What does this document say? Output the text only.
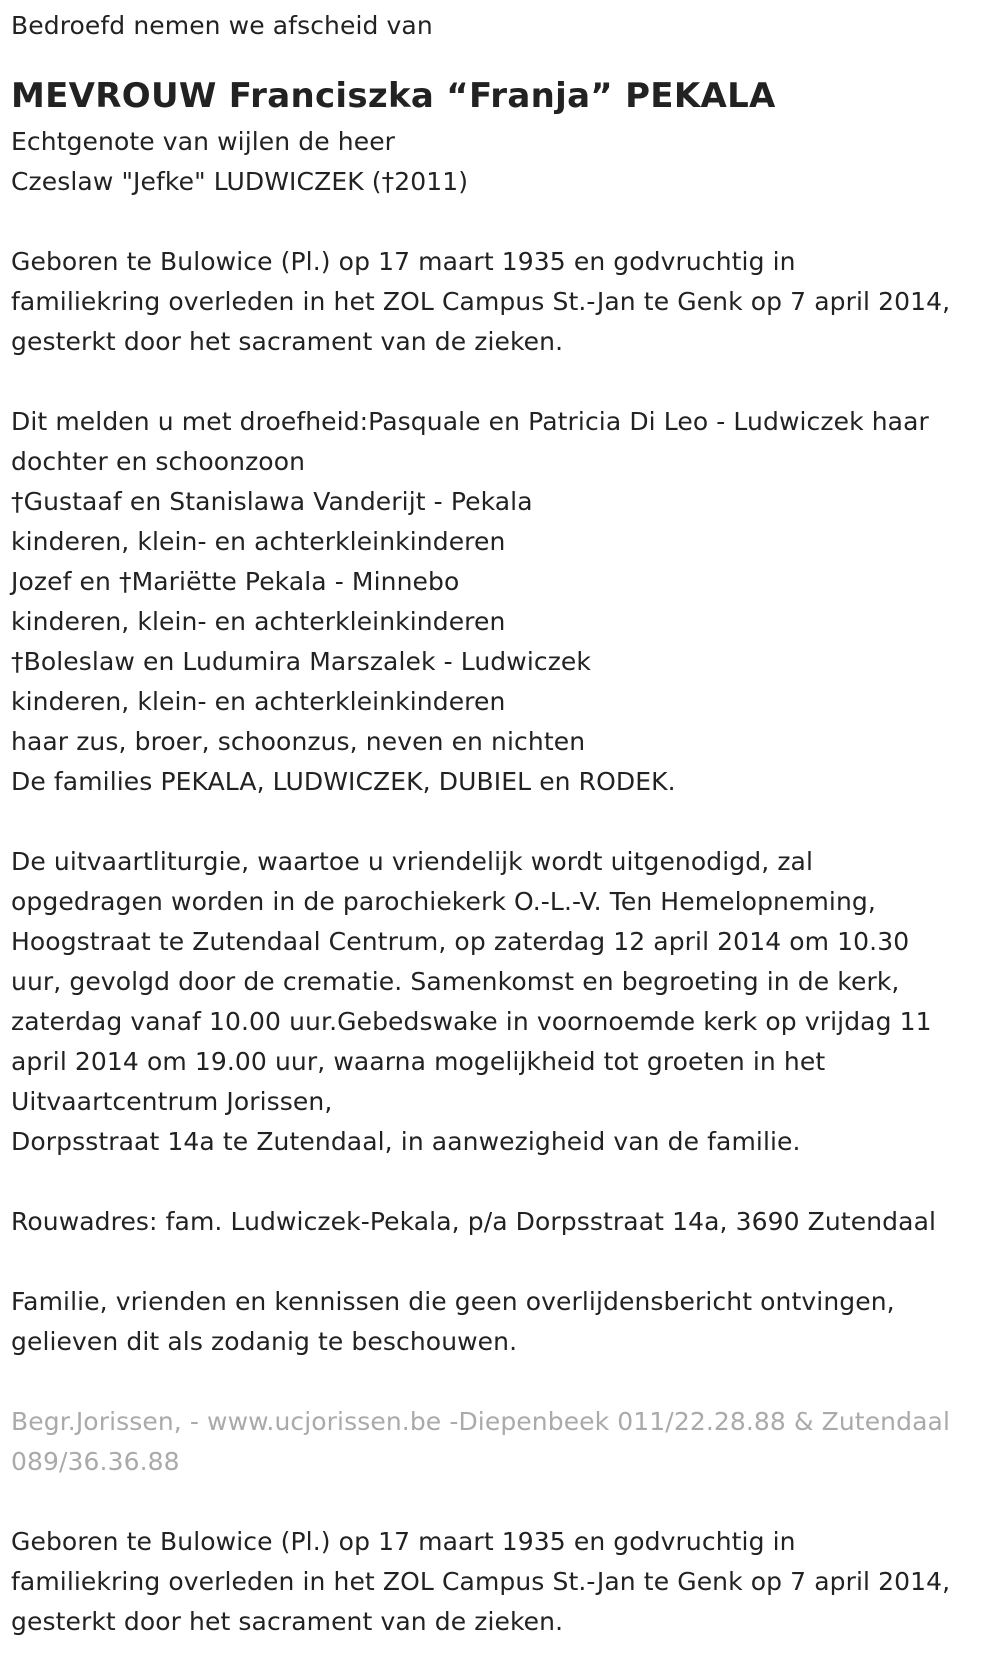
Bedroefd nemen we afscheid van
MEVROUW Franciszka “Franja” PEKALA
Echtgenote van wijlen de heer
Czeslaw "Jefke" LUDWICZEK (†2011)
Geboren te Bulowice (Pl.) op 17 maart 1935 en godvruchtig in
familiekring overleden in het ZOL Campus St.-Jan te Genk op 7 april 2014,
gesterkt door het sacrament van de zieken.
Dit melden u met droefheid:Pasquale en Patricia Di Leo - Ludwiczek haar
dochter en schoonzoon
†Gustaaf en Stanislawa Vanderijt - Pekala
kinderen, klein- en achterkleinkinderen
Jozef en †Mariëtte Pekala - Minnebo
kinderen, klein- en achterkleinkinderen
†Boleslaw en Ludumira Marszalek - Ludwiczek
kinderen, klein- en achterkleinkinderen
haar zus, broer, schoonzus, neven en nichten
De families PEKALA, LUDWICZEK, DUBIEL en RODEK.
De uitvaartliturgie, waartoe u vriendelijk wordt uitgenodigd, zal
opgedragen worden in de parochiekerk O.-L.-V. Ten Hemelopneming,
Hoogstraat te Zutendaal Centrum, op zaterdag 12 april 2014 om 10.30
uur, gevolgd door de crematie. Samenkomst en begroeting in de kerk,
zaterdag vanaf 10.00 uur.Gebedswake in voornoemde kerk op vrijdag 11
april 2014 om 19.00 uur, waarna mogelijkheid tot groeten in het
Uitvaartcentrum Jorissen,
Dorpsstraat 14a te Zutendaal, in aanwezigheid van de familie.
Rouwadres: fam. Ludwiczek-Pekala, p/a Dorpsstraat 14a, 3690 Zutendaal
Familie, vrienden en kennissen die geen overlijdensbericht ontvingen,
gelieven dit als zodanig te beschouwen.
Begr.Jorissen, - www.ucjorissen.be -Diepenbeek 011/22.28.88 & Zutendaal
089/36.36.88
Geboren te Bulowice (Pl.) op 17 maart 1935 en godvruchtig in
familiekring overleden in het ZOL Campus St.-Jan te Genk op 7 april 2014,
gesterkt door het sacrament van de zieken.
